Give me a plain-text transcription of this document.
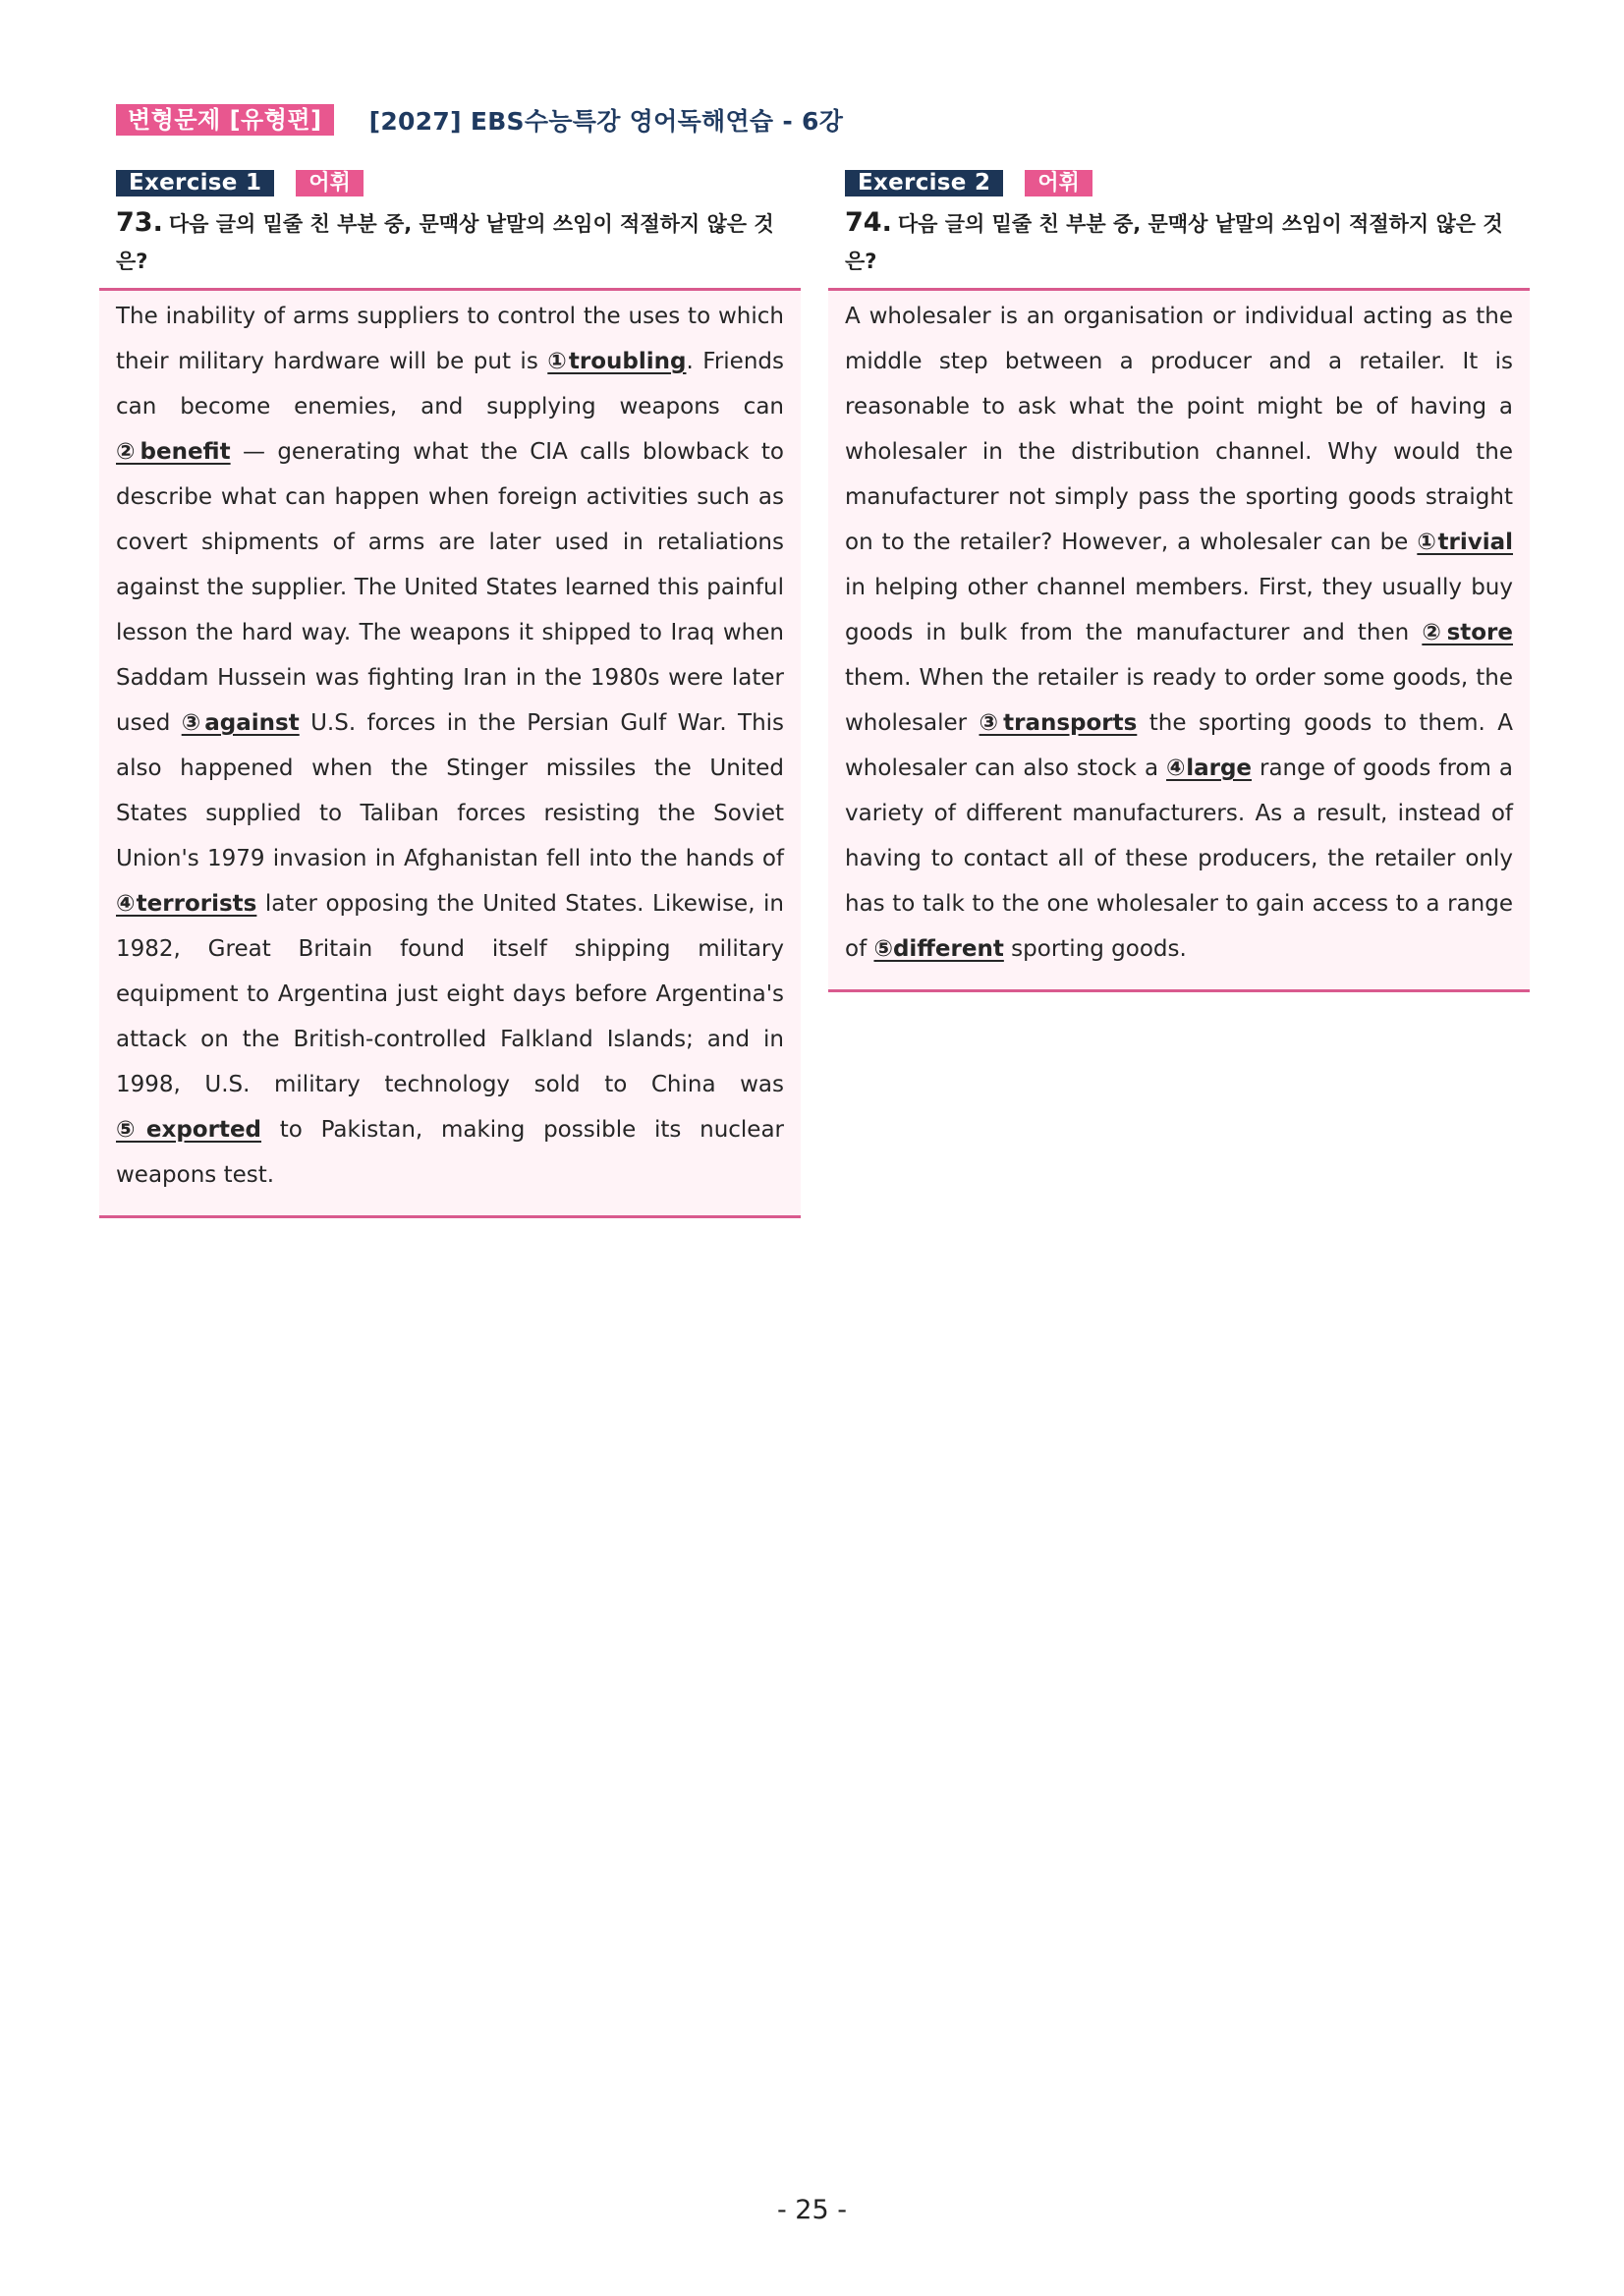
변형문제 [유형편]	[2027] EBS수능특강 영어독해연습 - 6강
Exercise 1	어휘
73. 다음 글의 밑줄 친 부분 중, 문맥상 낱말의 쓰임이 적절하지 않은 것은?

The inability of arms suppliers to control the uses to which their military hardware will be put is ①troubling. Friends can become enemies, and supplying weapons can ②benefit — generating what the CIA calls blowback to describe what can happen when foreign activities such as covert shipments of arms are later used in retaliations against the supplier. The United States learned this painful lesson the hard way. The weapons it shipped to Iraq when Saddam Hussein was fighting Iran in the 1980s were later used ③against U.S. forces in the Persian Gulf War. This also happened when the Stinger missiles the United States supplied to Taliban forces resisting the Soviet Union's 1979 invasion in Afghanistan fell into the hands of ④terrorists later opposing the United States. Likewise, in 1982, Great Britain found itself shipping military equipment to Argentina just eight days before Argentina's attack on the British-controlled Falkland Islands; and in 1998, U.S. military technology sold to China was ⑤exported to Pakistan, making possible its nuclear weapons test.

Exercise 2	어휘
74. 다음 글의 밑줄 친 부분 중, 문맥상 낱말의 쓰임이 적절하지 않은 것은?

A wholesaler is an organisation or individual acting as the middle step between a producer and a retailer. It is reasonable to ask what the point might be of having a wholesaler in the distribution channel. Why would the manufacturer not simply pass the sporting goods straight on to the retailer? However, a wholesaler can be ①trivial in helping other channel members. First, they usually buy goods in bulk from the manufacturer and then ②store them. When the retailer is ready to order some goods, the wholesaler ③transports the sporting goods to them. A wholesaler can also stock a ④large range of goods from a variety of different manufacturers. As a result, instead of having to contact all of these producers, the retailer only has to talk to the one wholesaler to gain access to a range of ⑤different sporting goods.

- 25 -
